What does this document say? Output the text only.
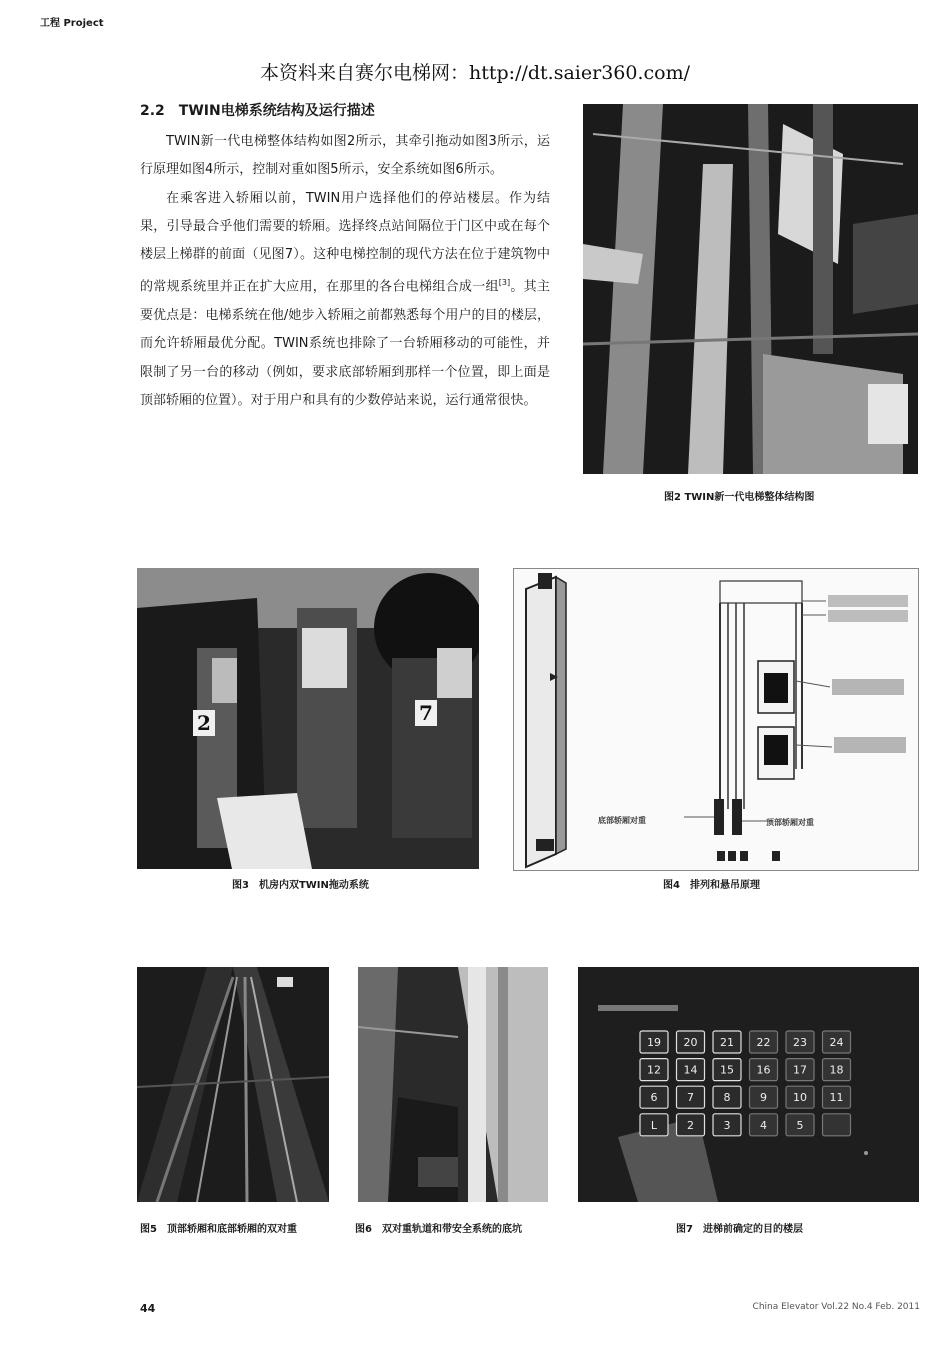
工程 Project
本资料来自赛尔电梯网：http://dt.saier360.com/
2.2　TWIN电梯系统结构及运行描述

TWIN新一代电梯整体结构如图2所示，其牵引拖动如图3所示，运行原理如图4所示，控制对重如图5所示，安全系统如图6所示。

在乘客进入轿厢以前，TWIN用户选择他们的停站楼层。作为结果，引导最合乎他们需要的轿厢。选择终点站间隔位于门区中或在每个楼层上梯群的前面（见图7）。这种电梯控制的现代方法在位于建筑物中的常规系统里并正在扩大应用，在那里的各台电梯组合成一组[3]。其主要优点是：电梯系统在他/她步入轿厢之前都熟悉每个用户的目的楼层，而允许轿厢最优分配。TWIN系统也排除了一台轿厢移动的可能性，并限制了另一台的移动（例如，要求底部轿厢到那样一个位置，即上面是顶部轿厢的位置）。对于用户和具有的少数停站来说，运行通常很快。

图2 TWIN新一代电梯整体结构图
2	7
图3　机房内双TWIN拖动系统
底部轿厢对重	顶部轿厢对重
图4　排列和悬吊原理
图5　顶部轿厢和底部轿厢的双对重	图6　双对重轨道和带安全系统的底坑
19 20 21 22 23 24
12 14 15 16 17 18
6	7	8	9 10 11
L	2	3	4	5
图7　进梯前确定的目的楼层
44	China Elevator Vol.22 No.4 Feb. 2011
